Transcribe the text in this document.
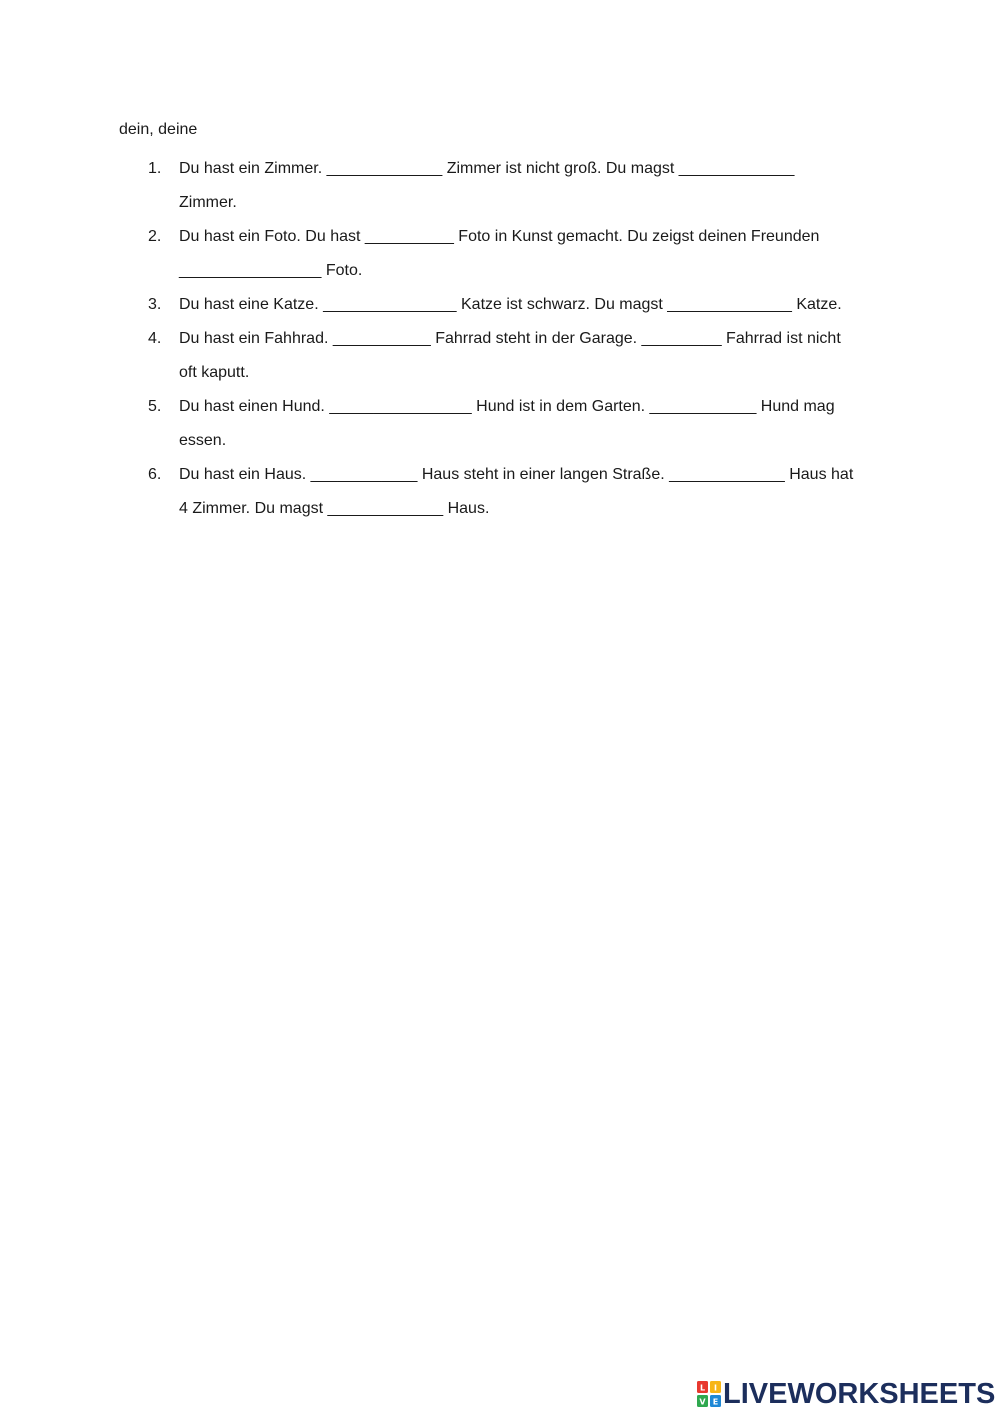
dein, deine
1. Du hast ein Zimmer. _____________ Zimmer ist nicht groß. Du magst _____________
Zimmer.
2. Du hast ein Foto. Du hast __________ Foto in Kunst gemacht. Du zeigst deinen Freunden
________________ Foto.
3. Du hast eine Katze. _______________ Katze ist schwarz. Du magst ______________ Katze.
4. Du hast ein Fahhrad. ___________ Fahrrad steht in der Garage. _________ Fahrrad ist nicht
oft kaputt.
5. Du hast einen Hund. ________________ Hund ist in dem Garten. ____________ Hund mag
essen.
6. Du hast ein Haus. ____________ Haus steht in einer langen Straße. _____________ Haus hat
4 Zimmer. Du magst _____________ Haus.
L I
V E LIVEWORKSHEETS
